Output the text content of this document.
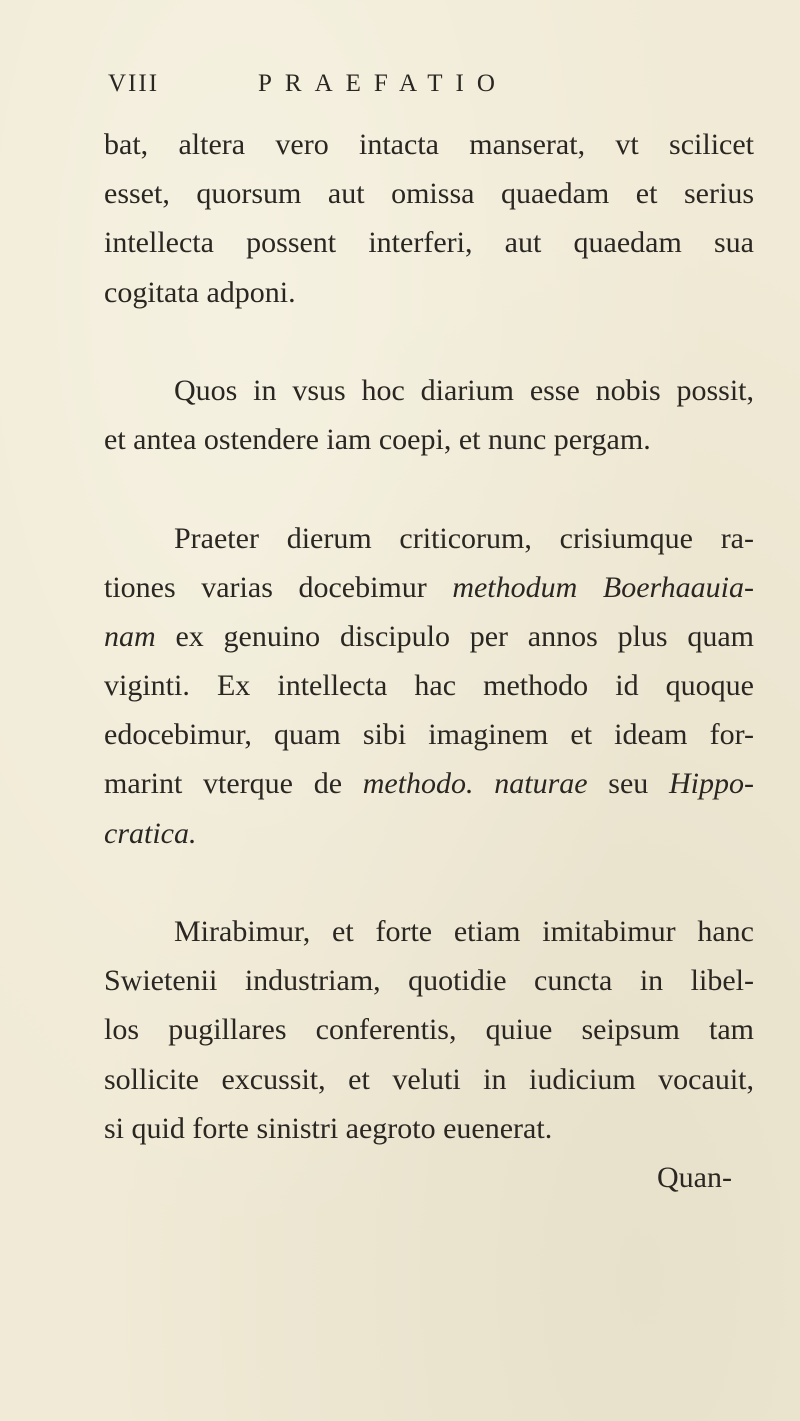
VIII	PRAEFATIO
bat, altera vero intacta manserat, vt scilicet
esset, quorsum aut omissa quaedam et serius
intellecta possent interferi, aut quaedam sua
cogitata adponi.
Quos in vsus hoc diarium esse nobis possit,
et antea ostendere iam coepi, et nunc pergam.
Praeter dierum criticorum, crisiumque ra-
tiones varias docebimur methodum Boerhaauia-
nam ex genuino discipulo per annos plus quam
viginti. Ex intellecta hac methodo id quoque
edocebimur, quam sibi imaginem et ideam for-
marint vterque de methodo. naturae seu Hippo-
cratica.
Mirabimur, et forte etiam imitabimur hanc
Swietenii industriam, quotidie cuncta in libel-
los pugillares conferentis, quiue seipsum tam
sollicite excussit, et veluti in iudicium vocauit,
si quid forte sinistri aegroto euenerat.
Quan-
